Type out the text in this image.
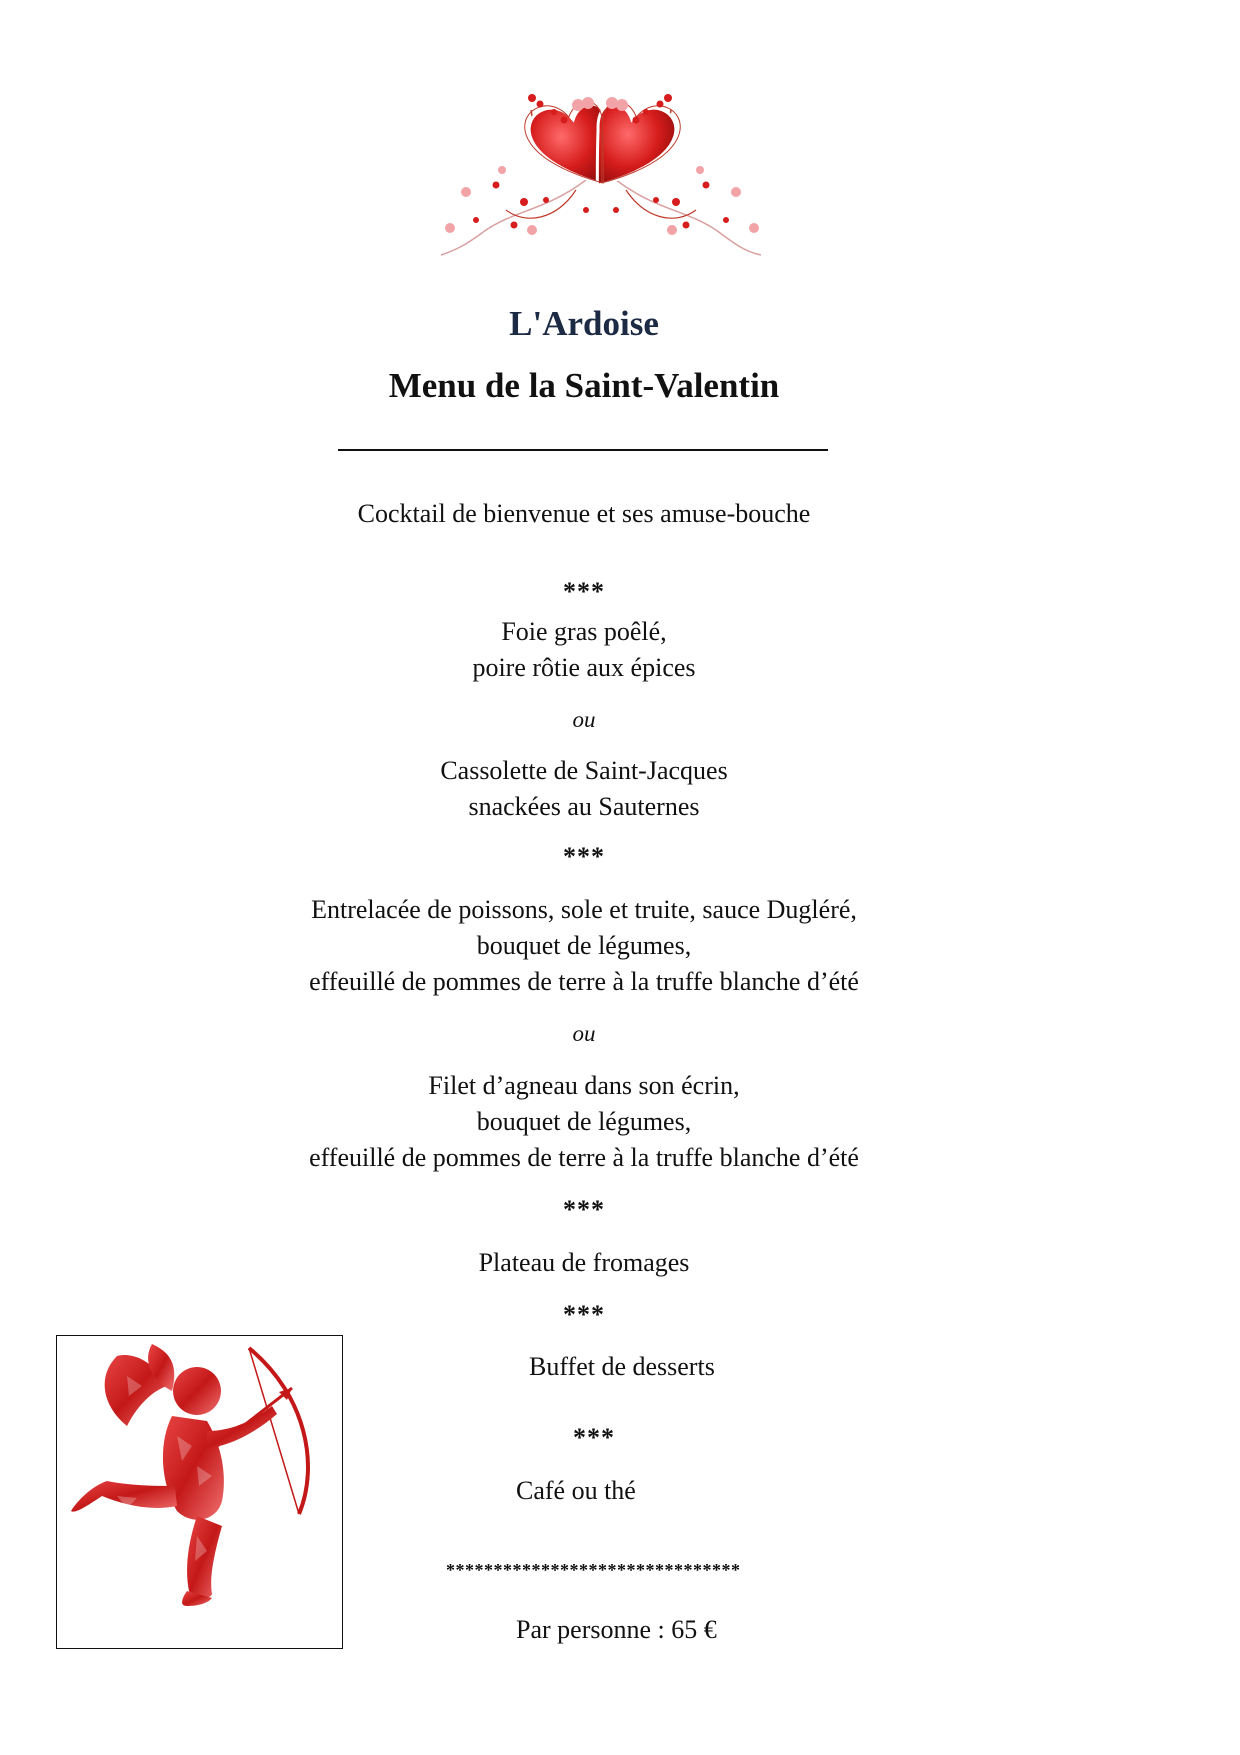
L'Ardoise
Menu de la Saint-Valentin
Cocktail de bienvenue et ses amuse-bouche
***
Foie gras poêlé,
poire rôtie aux épices
ou
Cassolette de Saint-Jacques
snackées au Sauternes
***
Entrelacée de poissons, sole et truite, sauce Dugléré,
bouquet de légumes,
effeuillé de pommes de terre à la truffe blanche d’été
ou
Filet d’agneau dans son écrin,
bouquet de légumes,
effeuillé de pommes de terre à la truffe blanche d’été
***
Plateau de fromages
***
Buffet de desserts
***
Café ou thé
*******************************
Par personne : 65 €
